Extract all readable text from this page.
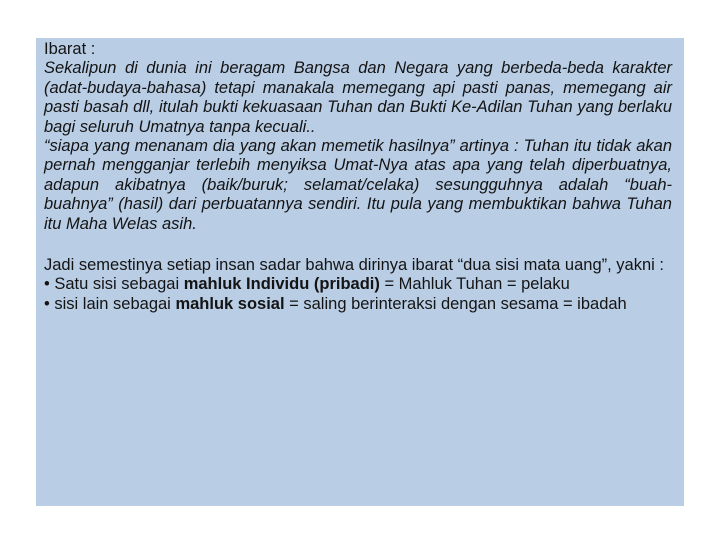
Ibarat :

Sekalipun di dunia ini beragam Bangsa dan Negara yang berbeda-beda karakter (adat-budaya-bahasa) tetapi manakala memegang api pasti panas, memegang air pasti basah dll, itulah bukti kekuasaan Tuhan dan Bukti Ke-Adilan Tuhan yang berlaku bagi seluruh Umatnya tanpa kecuali..

“siapa yang menanam dia yang akan memetik hasilnya” artinya : Tuhan itu tidak akan pernah mengganjar terlebih menyiksa Umat-Nya atas apa yang telah diperbuatnya, adapun akibatnya (baik/buruk; selamat/celaka) sesungguhnya adalah “buah-buahnya” (hasil) dari perbuatannya sendiri. Itu pula yang membuktikan bahwa Tuhan itu Maha Welas asih.

Jadi semestinya setiap insan sadar bahwa dirinya ibarat “dua sisi mata uang”, yakni :

• Satu sisi sebagai mahluk Individu (pribadi) = Mahluk Tuhan = pelaku

• sisi lain sebagai mahluk sosial = saling berinteraksi dengan sesama = ibadah
